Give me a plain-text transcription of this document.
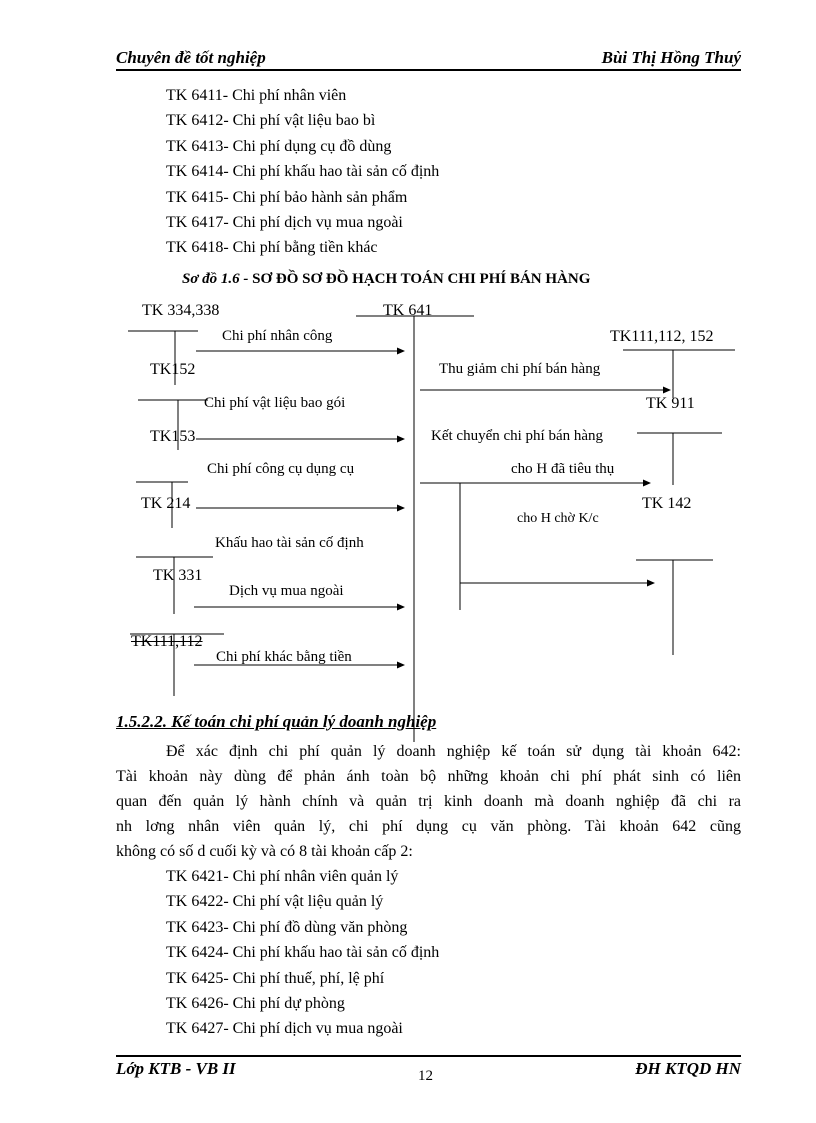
Chuyên đề tốt nghiệp	Bùi Thị Hồng Thuý
TK 6411- Chi phí nhân viên
TK 6412- Chi phí vật liệu bao bì
TK 6413- Chi phí dụng cụ đồ dùng
TK 6414- Chi phí khấu hao tài sản cố định
TK 6415- Chi phí bảo hành sản phẩm
TK 6417- Chi phí dịch vụ mua ngoài
TK 6418- Chi phí bằng tiền khác
Sơ đồ 1.6 - SƠ ĐỒ SƠ ĐỒ HẠCH TOÁN CHI PHÍ BÁN HÀNG
TK 334,338	TK 641
TK111,112, 152
TK152
TK 911
TK153
TK 214	TK 142
TK 331
TK111,112
Chi phí nhân công
Thu giảm chi phí bán hàng
Chi phí vật liệu bao gói
Kết chuyển chi phí bán hàng
Chi phí công cụ dụng cụ	cho H đã tiêu thụ
cho H chờ K/c
Khấu hao tài sản cố định
Dịch vụ mua ngoài
Chi phí khác bằng tiền
1.5.2.2. Kế toán chi phí quản lý doanh nghiệp
Để xác định chi phí quản lý doanh nghiệp kế toán sử dụng tài khoản 642:
Tài khoản này dùng để phản ánh toàn bộ những khoản chi phí phát sinh có liên
quan đến quản lý hành chính và quản trị kinh doanh mà doanh nghiệp đã chi ra
nh lơng nhân viên quản lý, chi phí dụng cụ văn phòng. Tài khoản 642 cũng
không có số d cuối kỳ và có 8 tài khoản cấp 2:
TK 6421- Chi phí nhân viên quản lý
TK 6422- Chi phí vật liệu quản lý
TK 6423- Chi phí đồ dùng văn phòng
TK 6424- Chi phí khấu hao tài sản cố định
TK 6425- Chi phí thuế, phí, lệ phí
TK 6426- Chi phí dự phòng
TK 6427- Chi phí dịch vụ mua ngoài
Lớp KTB - VB II	12	ĐH KTQD HN
